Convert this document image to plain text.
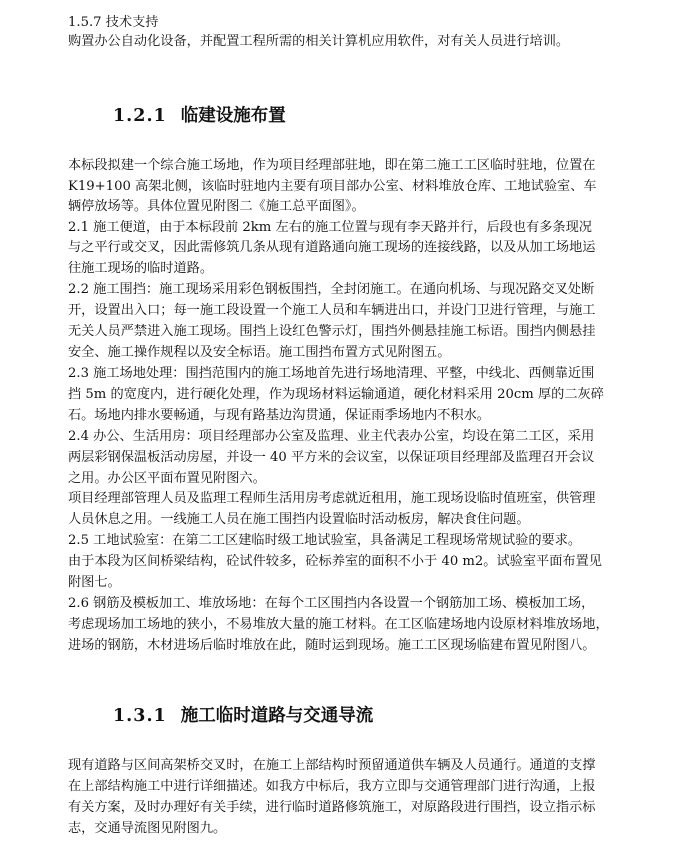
1.5.7 技术支持
购置办公自动化设备，并配置工程所需的相关计算机应用软件，对有关人员进行培训。
1.2.1 临建设施布置
本标段拟建一个综合施工场地，作为项目经理部驻地，即在第二施工工区临时驻地，位置在
K19+100 高架北侧，该临时驻地内主要有项目部办公室、材料堆放仓库、工地试验室、车
辆停放场等。具体位置见附图二《施工总平面图》。
2.1 施工便道，由于本标段前 2km 左右的施工位置与现有李天路并行，后段也有多条现况
与之平行或交叉，因此需修筑几条从现有道路通向施工现场的连接线路，以及从加工场地运
往施工现场的临时道路。
2.2 施工围挡：施工现场采用彩色钢板围挡，全封闭施工。在通向机场、与现况路交叉处断
开，设置出入口；每一施工段设置一个施工人员和车辆进出口，并设门卫进行管理，与施工
无关人员严禁进入施工现场。围挡上设红色警示灯，围挡外侧悬挂施工标语。围挡内侧悬挂
安全、施工操作规程以及安全标语。施工围挡布置方式见附图五。
2.3 施工场地处理：围挡范围内的施工场地首先进行场地清理、平整，中线北、西侧靠近围
挡 5m 的宽度内，进行硬化处理，作为现场材料运输通道，硬化材料采用 20cm 厚的二灰碎
石。场地内排水要畅通，与现有路基边沟贯通，保证雨季场地内不积水。
2.4 办公、生活用房：项目经理部办公室及监理、业主代表办公室，均设在第二工区，采用
两层彩钢保温板活动房屋，并设一 40 平方米的会议室，以保证项目经理部及监理召开会议
之用。办公区平面布置见附图六。
项目经理部管理人员及监理工程师生活用房考虑就近租用，施工现场设临时值班室，供管理
人员休息之用。一线施工人员在施工围挡内设置临时活动板房，解决食住问题。
2.5 工地试验室：在第二工区建临时级工地试验室，具备满足工程现场常规试验的要求。
由于本段为区间桥梁结构，砼试件较多，砼标养室的面积不小于 40 m2。试验室平面布置见
附图七。
2.6 钢筋及模板加工、堆放场地：在每个工区围挡内各设置一个钢筋加工场、模板加工场，
考虑现场加工场地的狭小，不易堆放大量的施工材料。在工区临建场地内设原材料堆放场地，
进场的钢筋，木材进场后临时堆放在此，随时运到现场。施工工区现场临建布置见附图八。
1.3.1 施工临时道路与交通导流
现有道路与区间高架桥交叉时，在施工上部结构时预留通道供车辆及人员通行。通道的支撑
在上部结构施工中进行详细描述。如我方中标后，我方立即与交通管理部门进行沟通，上报
有关方案，及时办理好有关手续，进行临时道路修筑施工，对原路段进行围挡，设立指示标
志，交通导流图见附图九。
